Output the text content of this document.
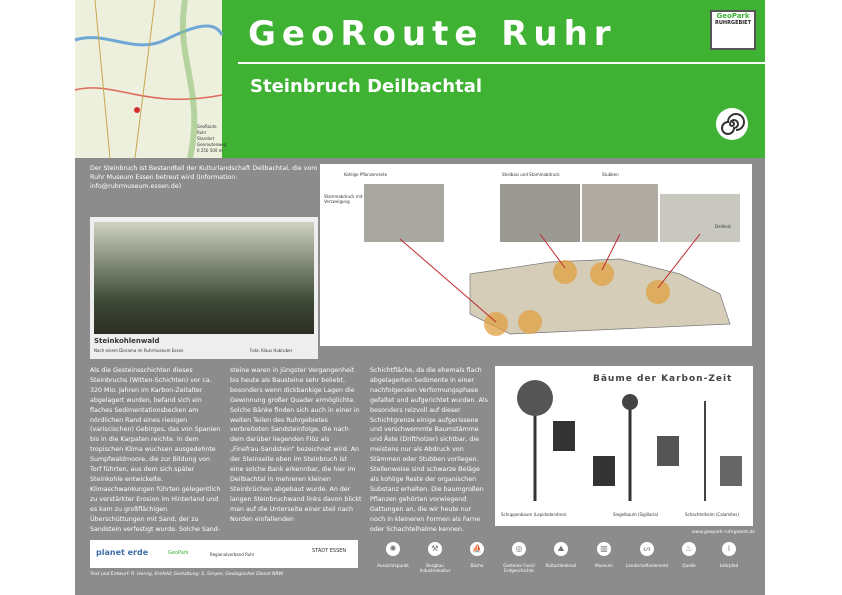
GeoRoute Ruhr
Standort
Georoutenweg
0 250 500 m
GeoRoute Ruhr	GeoPark
RUHRGEBIET
Steinbruch Deilbachtal
Der Steinbruch ist Bestandteil der Kulturlandschaft Deilbachtal, die vom Ruhr Museum Essen betreut wird (Information: info@ruhrmuseum.essen.de)
Steinkohlenwald
Nach einem Diorama im Ruhrmuseum Essen	Foto: Klaus Hubruber
Kohlige Pflanzenreste
Stammabdruck mit Verzweigung
Stielbasi und Stammabdruck	Stubben
Deilholz
Als die Gesteinsschichten dieses Steinbruchs (Witten-Schichten) vor ca. 320 Mio. Jahren im Karbon-Zeitalter abgelagert wurden, befand sich ein flaches Sedimentationsbecken am nördlichen Rand eines riesigen (variscischen) Gebirges, das von Spanien bis in die Karpaten reichte. In dem tropischen Klima wuchsen ausgedehnte Sumpfwaldmoore, die zur Bildung von Torf führten, aus dem sich später Steinkohle entwickelte. Klimaschwankungen führten gelegentlich zu verstärkter Erosion im Hinterland und es kam zu großflächigen Überschüttungen mit Sand, der zu Sandstein verfestigt wurde. Solche Sand-
steine waren in jüngster Vergangenheit bis heute als Bausteine sehr beliebt, besonders wenn dickbankige Lagen die Gewinnung großer Quader ermöglichte. Solche Bänke finden sich auch in einer in weiten Teilen des Ruhrgebietes verbreiteten Sandsteinfolge, die nach dem darüber liegenden Flöz als „Finefrau-Sandstein“ bezeichnet wird. An der Steinseite oben im Steinbruch ist eine solche Bank erkennbar, die hier im Deilbachtal in mehreren kleinen Steinbrüchen abgebaut wurde. An der langen Steinbruchwand links davon blickt man auf die Unterseite einer steil nach Norden einfallenden
Schichtfläche, da die ehemals flach abgelagerten Sedimente in einer nachfolgenden Verformungsphase gefaltet und aufgerichtet wurden. Als besonders reizvoll auf dieser Schichtgrenze einige aufgerissene und verschwemmte Baumstämme und Äste (Driftholzer) sichtbar, die meistens nur als Abdruck von Stämmen oder Stubben vorliegen. Stellenweise sind schwarze Beläge als kohlige Reste der organischen Substanz erhalten. Die baumgroßen Pflanzen gehörten vorwiegend Gattungen an, die wir heute nur noch in kleineren Formen als Farne oder Schachtelhalme kennen.
Bäume der Karbon-Zeit
Schuppenbaum (Lepidodendron)	Siegelbaum (Sigillaria)	Schachtelhalm (Calamites)
www.geopark-ruhrgebiet.de
planet erde	GeoPark	Regionalverband Ruhr
STADT ESSEN
Text und Entwurf: R. Hemig, Krefeld; Gestaltung: S. Simper, Geologischer Dienst NRW
✺
Aussichtspunkt
⚒
Bergbau Industriekultur
⛵
Bäche
◎
Gesteine Fossil Erdgeschichte
⛰
Kulturdenkmal
▥
Museum
ᔕ
Landschaftselement
♨
Quelle
ⅰ
Lehrpfad
